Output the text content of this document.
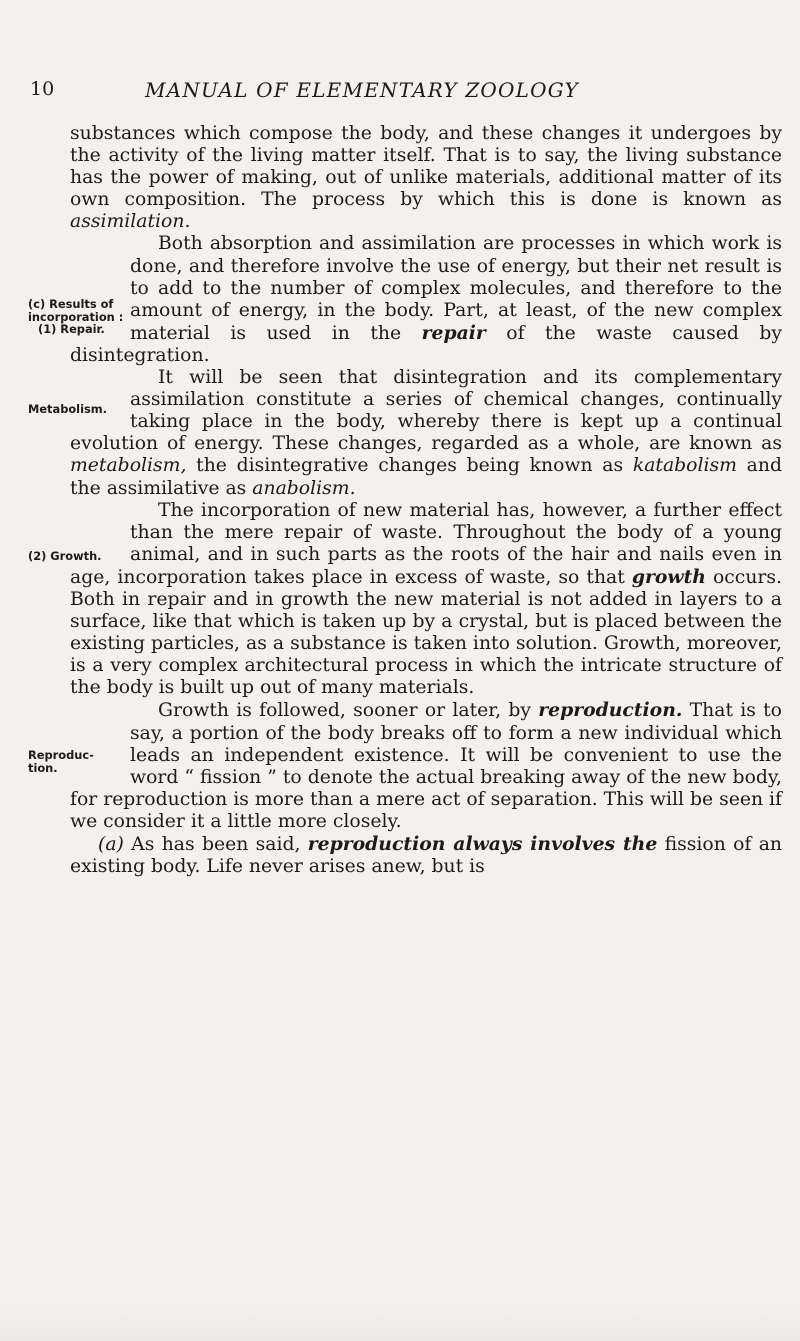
10	MANUAL OF ELEMENTARY ZOOLOGY

substances which compose the body, and these changes it undergoes by the activity of the living matter itself. That is to say, the living substance has the power of making, out of unlike materials, additional matter of its own composition. The process by which this is done is known as assimilation.

(c) Results of
incorporation :
(1) Repair.
Both absorption and assimilation are processes in which work is done, and therefore involve the use of energy, but their net result is to add to the number of complex molecules, and therefore to the amount of energy, in the body. Part, at least, of the new complex material is used in the repair of the waste caused by disintegration.

Metabolism.
It will be seen that disintegration and its complementary assimilation constitute a series of chemical changes, continually taking place in the body, whereby there is kept up a continual evolution of energy. These changes, regarded as a whole, are known as metabolism, the disintegrative changes being known as katabolism and the assimilative as anabolism.

(2) Growth.
The incorporation of new material has, however, a further effect than the mere repair of waste. Throughout the body of a young animal, and in such parts as the roots of the hair and nails even in age, incorporation takes place in excess of waste, so that growth occurs. Both in repair and in growth the new material is not added in layers to a surface, like that which is taken up by a crystal, but is placed between the existing particles, as a substance is taken into solution. Growth, moreover, is a very complex architectural process in which the intricate structure of the body is built up out of many materials.

Reproduc-
tion.
Growth is followed, sooner or later, by reproduction. That is to say, a portion of the body breaks off to form a new individual which leads an independent existence. It will be convenient to use the word “ fission ” to denote the actual breaking away of the new body, for reproduction is more than a mere act of separation. This will be seen if we consider it a little more closely.

(a) As has been said, reproduction always involves the fission of an existing body. Life never arises anew, but is
